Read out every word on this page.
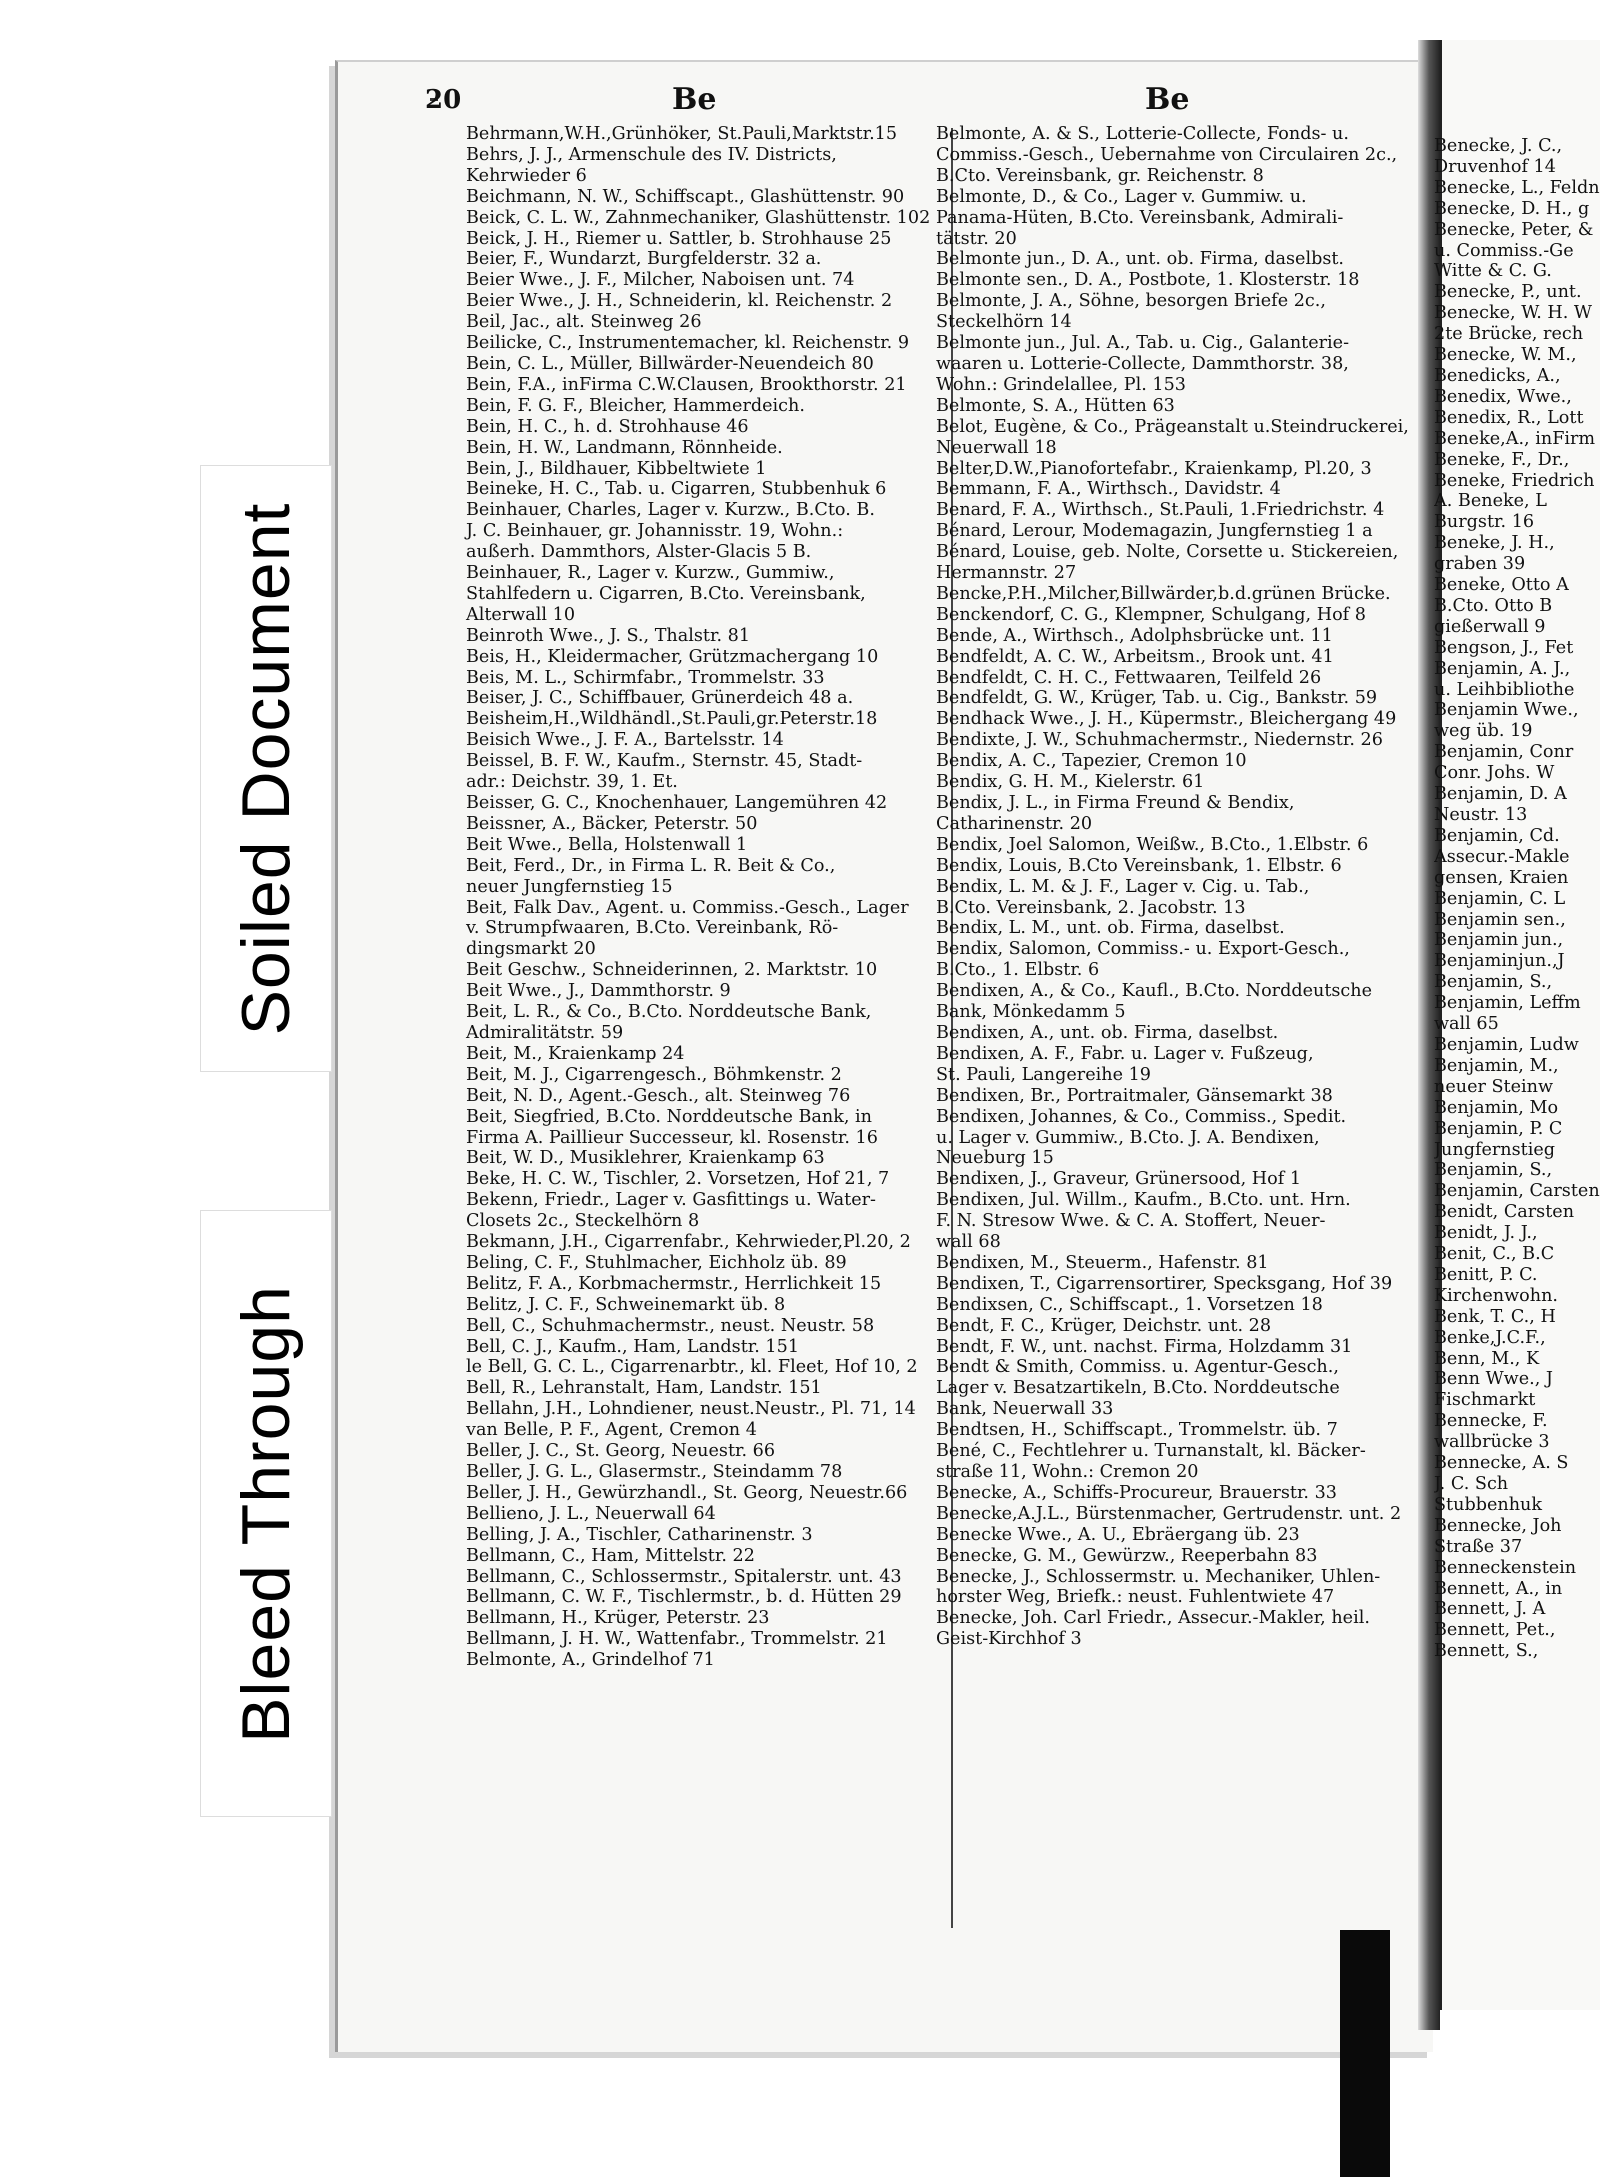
Soiled Document
Bleed Through
20	Be	Be
Behrmann,W.H.,Grünhöker, St.Pauli,Marktstr.15
Behrs, J. J., Armenschule des IV. Districts,
Kehrwieder 6
Beichmann, N. W., Schiffscapt., Glashüttenstr. 90
Beick, C. L. W., Zahnmechaniker, Glashüttenstr. 102
Beick, J. H., Riemer u. Sattler, b. Strohhause 25
Beier, F., Wundarzt, Burgfelderstr. 32 a.
Beier Wwe., J. F., Milcher, Naboisen unt. 74
Beier Wwe., J. H., Schneiderin, kl. Reichenstr. 2
Beil, Jac., alt. Steinweg 26
Beilicke, C., Instrumentemacher, kl. Reichenstr. 9
Bein, C. L., Müller, Billwärder-Neuendeich 80
Bein, F.A., inFirma C.W.Clausen, Brookthorstr. 21
Bein, F. G. F., Bleicher, Hammerdeich.
Bein, H. C., h. d. Strohhause 46
Bein, H. W., Landmann, Rönnheide.
Bein, J., Bildhauer, Kibbeltwiete 1
Beineke, H. C., Tab. u. Cigarren, Stubbenhuk 6
Beinhauer, Charles, Lager v. Kurzw., B.Cto. B.
J. C. Beinhauer, gr. Johannisstr. 19, Wohn.:
außerh. Dammthors, Alster-Glacis 5 B.
Beinhauer, R., Lager v. Kurzw., Gummiw.,
Stahlfedern u. Cigarren, B.Cto. Vereinsbank,
Alterwall 10
Beinroth Wwe., J. S., Thalstr. 81
Beis, H., Kleidermacher, Grützmachergang 10
Beis, M. L., Schirmfabr., Trommelstr. 33
Beiser, J. C., Schiffbauer, Grünerdeich 48 a.
Beisheim,H.,Wildhändl.,St.Pauli,gr.Peterstr.18
Beisich Wwe., J. F. A., Bartelsstr. 14
Beissel, B. F. W., Kaufm., Sternstr. 45, Stadt-
adr.: Deichstr. 39, 1. Et.
Beisser, G. C., Knochenhauer, Langemühren 42
Beissner, A., Bäcker, Peterstr. 50
Beit Wwe., Bella, Holstenwall 1
Beit, Ferd., Dr., in Firma L. R. Beit & Co.,
neuer Jungfernstieg 15
Beit, Falk Dav., Agent. u. Commiss.-Gesch., Lager
v. Strumpfwaaren, B.Cto. Vereinbank, Rö-
dingsmarkt 20
Beit Geschw., Schneiderinnen, 2. Marktstr. 10
Beit Wwe., J., Dammthorstr. 9
Beit, L. R., & Co., B.Cto. Norddeutsche Bank,
Admiralitätstr. 59
Beit, M., Kraienkamp 24
Beit, M. J., Cigarrengesch., Böhmkenstr. 2
Beit, N. D., Agent.-Gesch., alt. Steinweg 76
Beit, Siegfried, B.Cto. Norddeutsche Bank, in
Firma A. Paillieur Successeur, kl. Rosenstr. 16
Beit, W. D., Musiklehrer, Kraienkamp 63
Beke, H. C. W., Tischler, 2. Vorsetzen, Hof 21, 7
Bekenn, Friedr., Lager v. Gasfittings u. Water-
Closets 2c., Steckelhörn 8
Bekmann, J.H., Cigarrenfabr., Kehrwieder,Pl.20, 2
Beling, C. F., Stuhlmacher, Eichholz üb. 89
Belitz, F. A., Korbmachermstr., Herrlichkeit 15
Belitz, J. C. F., Schweinemarkt üb. 8
Bell, C., Schuhmachermstr., neust. Neustr. 58
Bell, C. J., Kaufm., Ham, Landstr. 151
le Bell, G. C. L., Cigarrenarbtr., kl. Fleet, Hof 10, 2
Bell, R., Lehranstalt, Ham, Landstr. 151
Bellahn, J.H., Lohndiener, neust.Neustr., Pl. 71, 14
van Belle, P. F., Agent, Cremon 4
Beller, J. C., St. Georg, Neuestr. 66
Beller, J. G. L., Glasermstr., Steindamm 78
Beller, J. H., Gewürzhandl., St. Georg, Neuestr.66
Bellieno, J. L., Neuerwall 64
Belling, J. A., Tischler, Catharinenstr. 3
Bellmann, C., Ham, Mittelstr. 22
Bellmann, C., Schlossermstr., Spitalerstr. unt. 43
Bellmann, C. W. F., Tischlermstr., b. d. Hütten 29
Bellmann, H., Krüger, Peterstr. 23
Bellmann, J. H. W., Wattenfabr., Trommelstr. 21
Belmonte, A., Grindelhof 71
Belmonte, A. & S., Lotterie-Collecte, Fonds- u.
Commiss.-Gesch., Uebernahme von Circulairen 2c.,
B.Cto. Vereinsbank, gr. Reichenstr. 8
Belmonte, D., & Co., Lager v. Gummiw. u.
Panama-Hüten, B.Cto. Vereinsbank, Admirali-
tätstr. 20
Belmonte jun., D. A., unt. ob. Firma, daselbst.
Belmonte sen., D. A., Postbote, 1. Klosterstr. 18
Belmonte, J. A., Söhne, besorgen Briefe 2c.,
Steckelhörn 14
Belmonte jun., Jul. A., Tab. u. Cig., Galanterie-
waaren u. Lotterie-Collecte, Dammthorstr. 38,
Wohn.: Grindelallee, Pl. 153
Belmonte, S. A., Hütten 63
Belot, Eugène, & Co., Prägeanstalt u.Steindruckerei,
Neuerwall 18
Belter,D.W.,Pianofortefabr., Kraienkamp, Pl.20, 3
Bemmann, F. A., Wirthsch., Davidstr. 4
Benard, F. A., Wirthsch., St.Pauli, 1.Friedrichstr. 4
Bénard, Lerour, Modemagazin, Jungfernstieg 1 a
Bénard, Louise, geb. Nolte, Corsette u. Stickereien,
Hermannstr. 27
Bencke,P.H.,Milcher,Billwärder,b.d.grünen Brücke.
Benckendorf, C. G., Klempner, Schulgang, Hof 8
Bende, A., Wirthsch., Adolphsbrücke unt. 11
Bendfeldt, A. C. W., Arbeitsm., Brook unt. 41
Bendfeldt, C. H. C., Fettwaaren, Teilfeld 26
Bendfeldt, G. W., Krüger, Tab. u. Cig., Bankstr. 59
Bendhack Wwe., J. H., Küpermstr., Bleichergang 49
Bendixte, J. W., Schuhmachermstr., Niedernstr. 26
Bendix, A. C., Tapezier, Cremon 10
Bendix, G. H. M., Kielerstr. 61
Bendix, J. L., in Firma Freund & Bendix,
Catharinenstr. 20
Bendix, Joel Salomon, Weißw., B.Cto., 1.Elbstr. 6
Bendix, Louis, B.Cto Vereinsbank, 1. Elbstr. 6
Bendix, L. M. & J. F., Lager v. Cig. u. Tab.,
B.Cto. Vereinsbank, 2. Jacobstr. 13
Bendix, L. M., unt. ob. Firma, daselbst.
Bendix, Salomon, Commiss.- u. Export-Gesch.,
B.Cto., 1. Elbstr. 6
Bendixen, A., & Co., Kaufl., B.Cto. Norddeutsche
Bank, Mönkedamm 5
Bendixen, A., unt. ob. Firma, daselbst.
Bendixen, A. F., Fabr. u. Lager v. Fußzeug,
St. Pauli, Langereihe 19
Bendixen, Br., Portraitmaler, Gänsemarkt 38
Bendixen, Johannes, & Co., Commiss., Spedit.
u. Lager v. Gummiw., B.Cto. J. A. Bendixen,
Neueburg 15
Bendixen, J., Graveur, Grünersood, Hof 1
Bendixen, Jul. Willm., Kaufm., B.Cto. unt. Hrn.
F. N. Stresow Wwe. & C. A. Stoffert, Neuer-
wall 68
Bendixen, M., Steuerm., Hafenstr. 81
Bendixen, T., Cigarrensortirer, Specksgang, Hof 39
Bendixsen, C., Schiffscapt., 1. Vorsetzen 18
Bendt, F. C., Krüger, Deichstr. unt. 28
Bendt, F. W., unt. nachst. Firma, Holzdamm 31
Bendt & Smith, Commiss. u. Agentur-Gesch.,
Lager v. Besatzartikeln, B.Cto. Norddeutsche
Bank, Neuerwall 33
Bendtsen, H., Schiffscapt., Trommelstr. üb. 7
Bené, C., Fechtlehrer u. Turnanstalt, kl. Bäcker-
straße 11, Wohn.: Cremon 20
Benecke, A., Schiffs-Procureur, Brauerstr. 33
Benecke,A.J.L., Bürstenmacher, Gertrudenstr. unt. 2
Benecke Wwe., A. U., Ebräergang üb. 23
Benecke, G. M., Gewürzw., Reeperbahn 83
Benecke, J., Schlossermstr. u. Mechaniker, Uhlen-
horster Weg, Briefk.: neust. Fuhlentwiete 47
Benecke, Joh. Carl Friedr., Assecur.-Makler, heil.
Geist-Kirchhof 3
Benecke, J. C.,
Druvenhof 14
Benecke, L., Feldn
Benecke, D. H., g
Benecke, Peter, &
u. Commiss.-Ge
Witte & C. G.
Benecke, P., unt.
Benecke, W. H. W
2te Brücke, rech
Benecke, W. M.,
Benedicks, A.,
Benedix, Wwe.,
Benedix, R., Lott
Beneke,A., inFirm
Beneke, F., Dr.,
Beneke, Friedrich
A. Beneke, L
Burgstr. 16
Beneke, J. H.,
graben 39
Beneke, Otto A
B.Cto. Otto B
gießerwall 9
Bengson, J., Fet
Benjamin, A. J.,
u. Leihbibliothe
Benjamin Wwe.,
weg üb. 19
Benjamin, Conr
Conr. Johs. W
Benjamin, D. A
Neustr. 13
Benjamin, Cd.
Assecur.-Makle
gensen, Kraien
Benjamin, C. L
Benjamin sen.,
Benjamin jun.,
Benjaminjun.,J
Benjamin, S.,
Benjamin, Leffm
wall 65
Benjamin, Ludw
Benjamin, M.,
neuer Steinw
Benjamin, Mo
Benjamin, P. C
Jungfernstieg
Benjamin, S.,
Benjamin, Carsten
Benidt, Carsten
Benidt, J. J.,
Benit, C., B.C
Benitt, P. C.
Kirchenwohn.
Benk, T. C., H
Benke,J.C.F.,
Benn, M., K
Benn Wwe., J
Fischmarkt
Bennecke, F.
wallbrücke 3
Bennecke, A. S
J. C. Sch
Stubbenhuk
Bennecke, Joh
Straße 37
Benneckenstein
Bennett, A., in
Bennett, J. A
Bennett, Pet.,
Bennett, S.,
